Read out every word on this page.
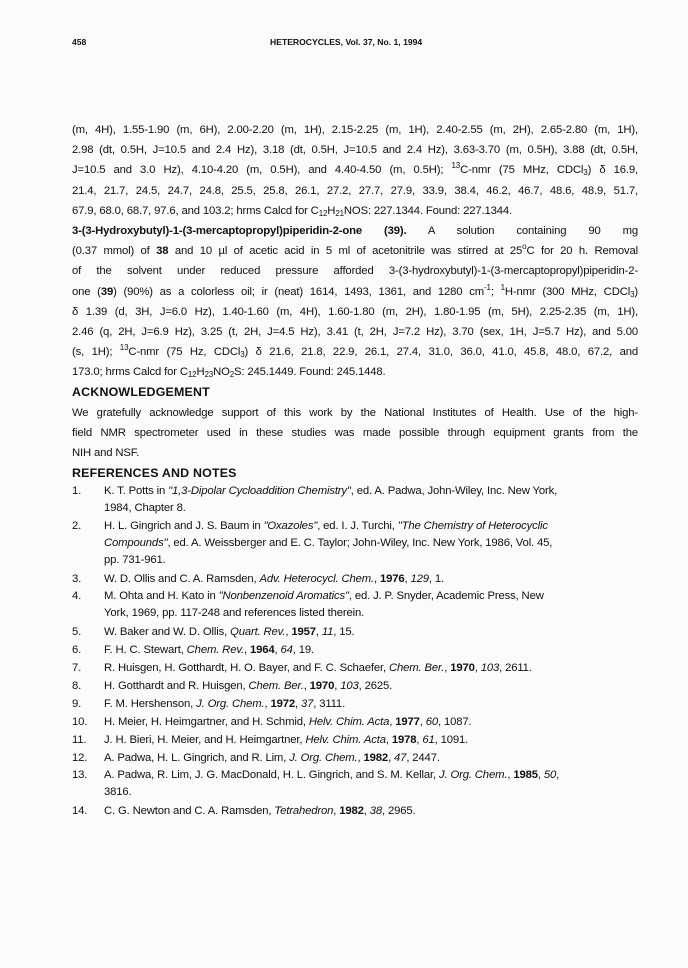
458	HETEROCYCLES, Vol. 37, No. 1, 1994
(m, 4H), 1.55-1.90 (m, 6H), 2.00-2.20 (m, 1H), 2.15-2.25 (m, 1H), 2.40-2.55 (m, 2H), 2.65-2.80 (m, 1H),
2.98 (dt, 0.5H, J=10.5 and 2.4 Hz), 3.18 (dt, 0.5H, J=10.5 and 2.4 Hz), 3.63-3.70 (m, 0.5H), 3.88 (dt, 0.5H,
J=10.5 and 3.0 Hz), 4.10-4.20 (m, 0.5H), and 4.40-4.50 (m, 0.5H); $^{13}$C-nmr (75 MHz, CDCl$_3$) δ 16.9,
21.4, 21.7, 24.5, 24.7, 24.8, 25.5, 25.8, 26.1, 27.2, 27.7, 27.9, 33.9, 38.4, 46.2, 46.7, 48.6, 48.9, 51.7,
67.9, 68.0, 68.7, 97.6, and 103.2; hrms Calcd for $C_{12}H_{21}NOS$: 227.1344. Found: 227.1344.
3-(3-Hydroxybutyl)-1-(3-mercaptopropyl)piperidin-2-one (39). A solution containing 90 mg
(0.37 mmol) of 38 and 10 µl of acetic acid in 5 ml of acetonitrile was stirred at 25$^o$C for 20 h. Removal
of the solvent under reduced pressure afforded 3-(3-hydroxybutyl)-1-(3-mercaptopropyl)piperidin-2-
one (39) (90%) as a colorless oil; ir (neat) 1614, 1493, 1361, and 1280 $cm^{-1}$; $^1$H-nmr (300 MHz, CDCl$_3$)
δ 1.39 (d, 3H, J=6.0 Hz), 1.40-1.60 (m, 4H), 1.60-1.80 (m, 2H), 1.80-1.95 (m, 5H), 2.25-2.35 (m, 1H),
2.46 (q, 2H, J=6.9 Hz), 3.25 (t, 2H, J=4.5 Hz), 3.41 (t, 2H, J=7.2 Hz), 3.70 (sex, 1H, J=5.7 Hz), and 5.00
(s, 1H); $^{13}$C-nmr (75 Hz, CDCl$_3$) δ 21.6, 21.8, 22.9, 26.1, 27.4, 31.0, 36.0, 41.0, 45.8, 48.0, 67.2, and
173.0; hrms Calcd for $C_{12}H_{23}NO_2S$: 245.1449. Found: 245.1448.
ACKNOWLEDGEMENT
We gratefully acknowledge support of this work by the National Institutes of Health. Use of the high-
field NMR spectrometer used in these studies was made possible through equipment grants from the
NIH and NSF.
REFERENCES AND NOTES
1. K. T. Potts in "1,3-Dipolar Cycloaddition Chemistry", ed. A. Padwa, John-Wiley, Inc. New York,
1984, Chapter 8.
2. H. L. Gingrich and J. S. Baum in "Oxazoles", ed. I. J. Turchi, "The Chemistry of Heterocyclic
Compounds", ed. A. Weissberger and E. C. Taylor; John-Wiley, Inc. New York, 1986, Vol. 45,
pp. 731-961.
3. W. D. Ollis and C. A. Ramsden, Adv. Heterocycl. Chem., 1976, 129, 1.
4. M. Ohta and H. Kato in "Nonbenzenoid Aromatics", ed. J. P. Snyder, Academic Press, New
York, 1969, pp. 117-248 and references listed therein.
5. W. Baker and W. D. Ollis, Quart. Rev., 1957, 11, 15.
6. F. H. C. Stewart, Chem. Rev., 1964, 64, 19.
7. R. Huisgen, H. Gotthardt, H. O. Bayer, and F. C. Schaefer, Chem. Ber., 1970, 103, 2611.
8. H. Gotthardt and R. Huisgen, Chem. Ber., 1970, 103, 2625.
9. F. M. Hershenson, J. Org. Chem., 1972, 37, 3111.
10. H. Meier, H. Heimgartner, and H. Schmid, Helv. Chim. Acta, 1977, 60, 1087.
11. J. H. Bieri, H. Meier, and H. Heimgartner, Helv. Chim. Acta, 1978, 61, 1091.
12. A. Padwa, H. L. Gingrich, and R. Lim, J. Org. Chem., 1982, 47, 2447.
13. A. Padwa, R. Lim, J. G. MacDonald, H. L. Gingrich, and S. M. Kellar, J. Org. Chem., 1985, 50,
3816.
14. C. G. Newton and C. A. Ramsden, Tetrahedron, 1982, 38, 2965.
